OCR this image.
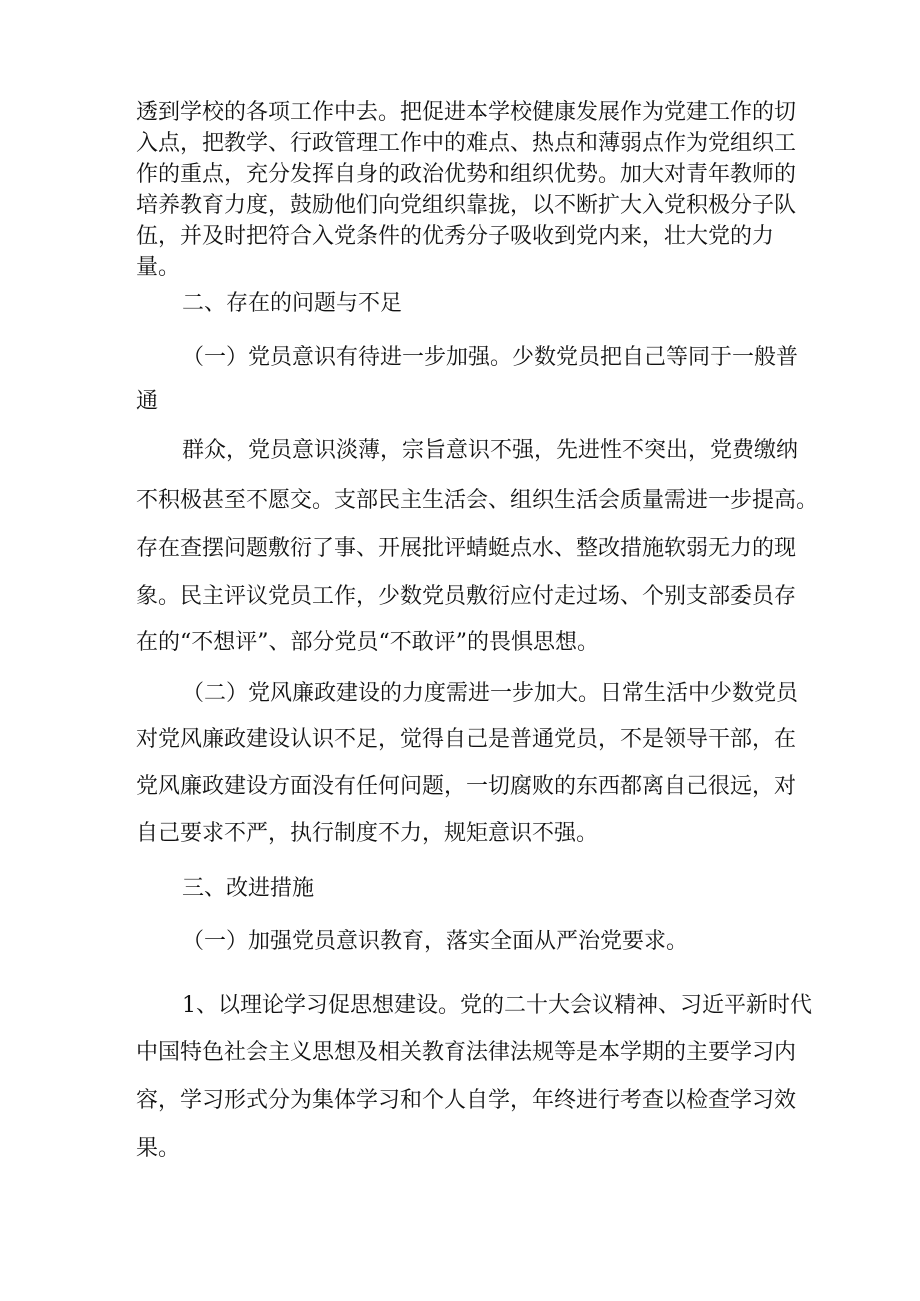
透到学校的各项工作中去。把促进本学校健康发展作为党建工作的切入点，把教学、行政管理工作中的难点、热点和薄弱点作为党组织工作的重点，充分发挥自身的政治优势和组织优势。加大对青年教师的培养教育力度，鼓励他们向党组织靠拢，以不断扩大入党积极分子队伍，并及时把符合入党条件的优秀分子吸收到党内来，壮大党的力量。

二、存在的问题与不足
（一）党员意识有待进一步加强。少数党员把自己等同于一般普
通
群众，党员意识淡薄，宗旨意识不强，先进性不突出，党费缴纳
不积极甚至不愿交。支部民主生活会、组织生活会质量需进一步提高。
存在查摆问题敷衍了事、开展批评蜻蜓点水、整改措施软弱无力的现
象。民主评议党员工作，少数党员敷衍应付走过场、个别支部委员存
在的“不想评”、部分党员“不敢评”的畏惧思想。
（二）党风廉政建设的力度需进一步加大。日常生活中少数党员
对党风廉政建设认识不足，觉得自己是普通党员，不是领导干部，在
党风廉政建设方面没有任何问题，一切腐败的东西都离自己很远，对
自己要求不严，执行制度不力，规矩意识不强。
三、改进措施
（一）加强党员意识教育，落实全面从严治党要求。
1、以理论学习促思想建设。党的二十大会议精神、习近平新时代
中国特色社会主义思想及相关教育法律法规等是本学期的主要学习内
容，学习形式分为集体学习和个人自学，年终进行考查以检查学习效
果。
